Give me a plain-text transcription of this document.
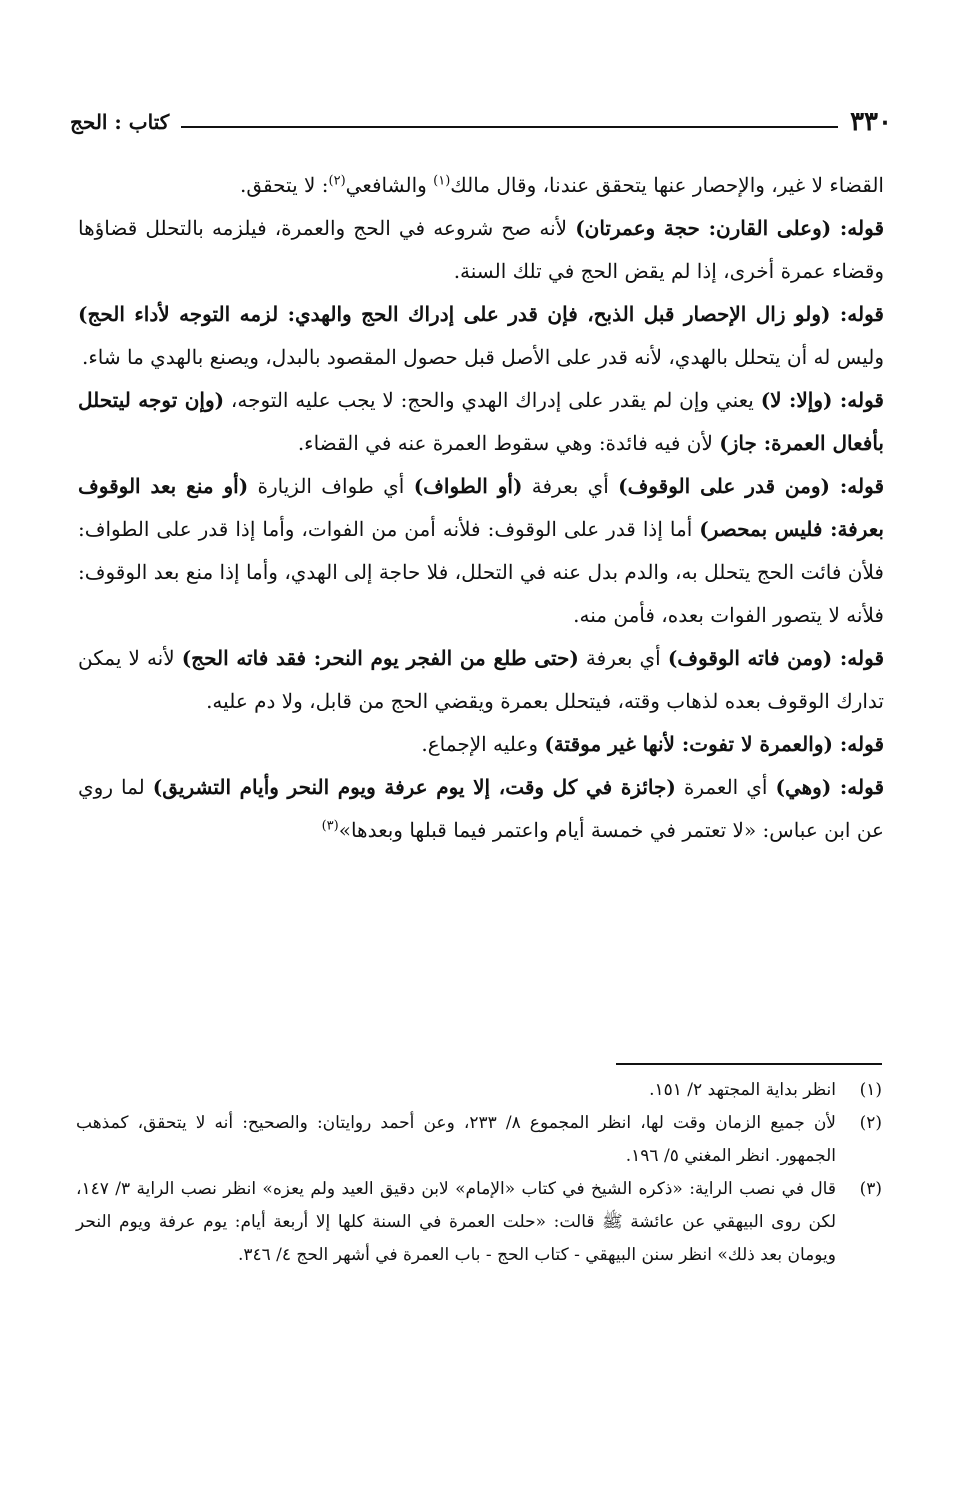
٣٣٠
كتاب : الحج

القضاء لا غير، والإحصار عنها يتحقق عندنا، وقال مالك$^{(١)}$ والشافعي$^{(٢)}$: لا يتحقق.

قوله: (وعلى القارن: حجة وعمرتان) لأنه صح شروعه في الحج والعمرة، فيلزمه بالتحلل قضاؤها وقضاء عمرة أخرى، إذا لم يقض الحج في تلك السنة.

قوله: (ولو زال الإحصار قبل الذبح، فإن قدر على إدراك الحج والهدي: لزمه التوجه لأداء الحج) وليس له أن يتحلل بالهدي، لأنه قدر على الأصل قبل حصول المقصود بالبدل، ويصنع بالهدي ما شاء.

قوله: (وإلا: لا) يعني وإن لم يقدر على إدراك الهدي والحج: لا يجب عليه التوجه، (وإن توجه ليتحلل بأفعال العمرة: جاز) لأن فيه فائدة: وهي سقوط العمرة عنه في القضاء.

قوله: (ومن قدر على الوقوف) أي بعرفة (أو الطواف) أي طواف الزيارة (أو منع بعد الوقوف بعرفة: فليس بمحصر) أما إذا قدر على الوقوف: فلأنه أمن من الفوات، وأما إذا قدر على الطواف: فلأن فائت الحج يتحلل به، والدم بدل عنه في التحلل، فلا حاجة إلى الهدي، وأما إذا منع بعد الوقوف: فلأنه لا يتصور الفوات بعده، فأمن منه.

قوله: (ومن فاته الوقوف) أي بعرفة (حتى طلع من الفجر يوم النحر: فقد فاته الحج) لأنه لا يمكن تدارك الوقوف بعده لذهاب وقته، فيتحلل بعمرة ويقضي الحج من قابل، ولا دم عليه.

قوله: (والعمرة لا تفوت: لأنها غير موقتة) وعليه الإجماع.

قوله: (وهي) أي العمرة (جائزة في كل وقت، إلا يوم عرفة ويوم النحر وأيام التشريق) لما روي عن ابن عباس: «لا تعتمر في خمسة أيام واعتمر فيما قبلها وبعدها»$^{(٣)}$

(١)
انظر بداية المجتهد ٢/ ١٥١.
(٢)
لأن جميع الزمان وقت لها، انظر المجموع ٨/ ٢٣٣، وعن أحمد روايتان: والصحيح: أنه لا يتحقق، كمذهب الجمهور. انظر المغني ٥/ ١٩٦.
(٣)
قال في نصب الراية: «ذكره الشيخ في كتاب «الإمام» لابن دقيق العيد ولم يعزه» انظر نصب الراية ٣/ ١٤٧، لكن روى البيهقي عن عائشة ﷺ قالت: «حلت العمرة في السنة كلها إلا أربعة أيام: يوم عرفة ويوم النحر ويومان بعد ذلك» انظر سنن البيهقي - كتاب الحج - باب العمرة في أشهر الحج ٤/ ٣٤٦.
